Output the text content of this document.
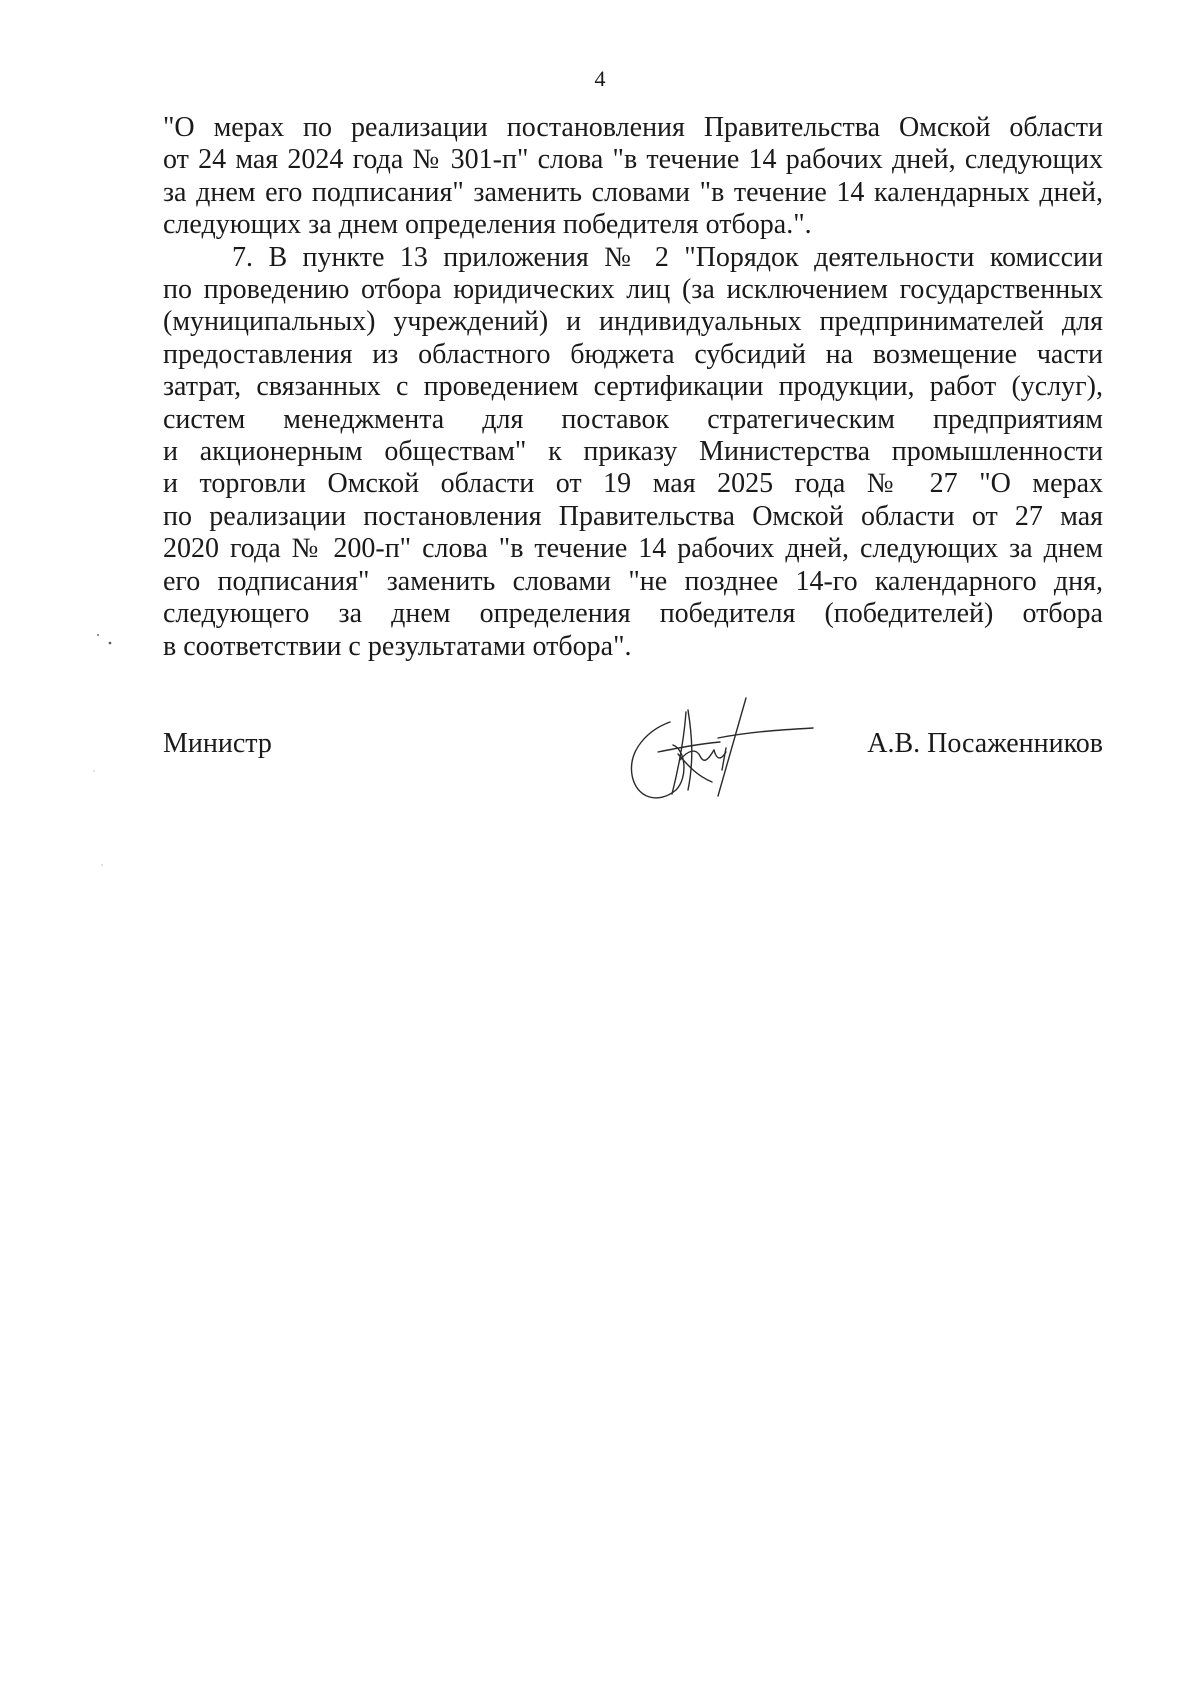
4

"О мерах по реализации постановления Правительства Омской области
от 24 мая 2024 года № 301-п" слова "в течение 14 рабочих дней, следующих
за днем его подписания" заменить словами "в течение 14 календарных дней,
следующих за днем определения победителя отбора.".

7. В пункте 13 приложения № 2 "Порядок деятельности комиссии
по проведению отбора юридических лиц (за исключением государственных
(муниципальных) учреждений) и индивидуальных предпринимателей для
предоставления из областного бюджета субсидий на возмещение части
затрат, связанных с проведением сертификации продукции, работ (услуг),
систем менеджмента для поставок стратегическим предприятиям
и акционерным обществам" к приказу Министерства промышленности
и торговли Омской области от 19 мая 2025 года № 27 "О мерах
по реализации постановления Правительства Омской области от 27 мая
2020 года № 200-п" слова "в течение 14 рабочих дней, следующих за днем
его подписания" заменить словами "не позднее 14-го календарного дня,
следующего за днем определения победителя (победителей) отбора
в соответствии с результатами отбора".

Министр	А.В. Посаженников
